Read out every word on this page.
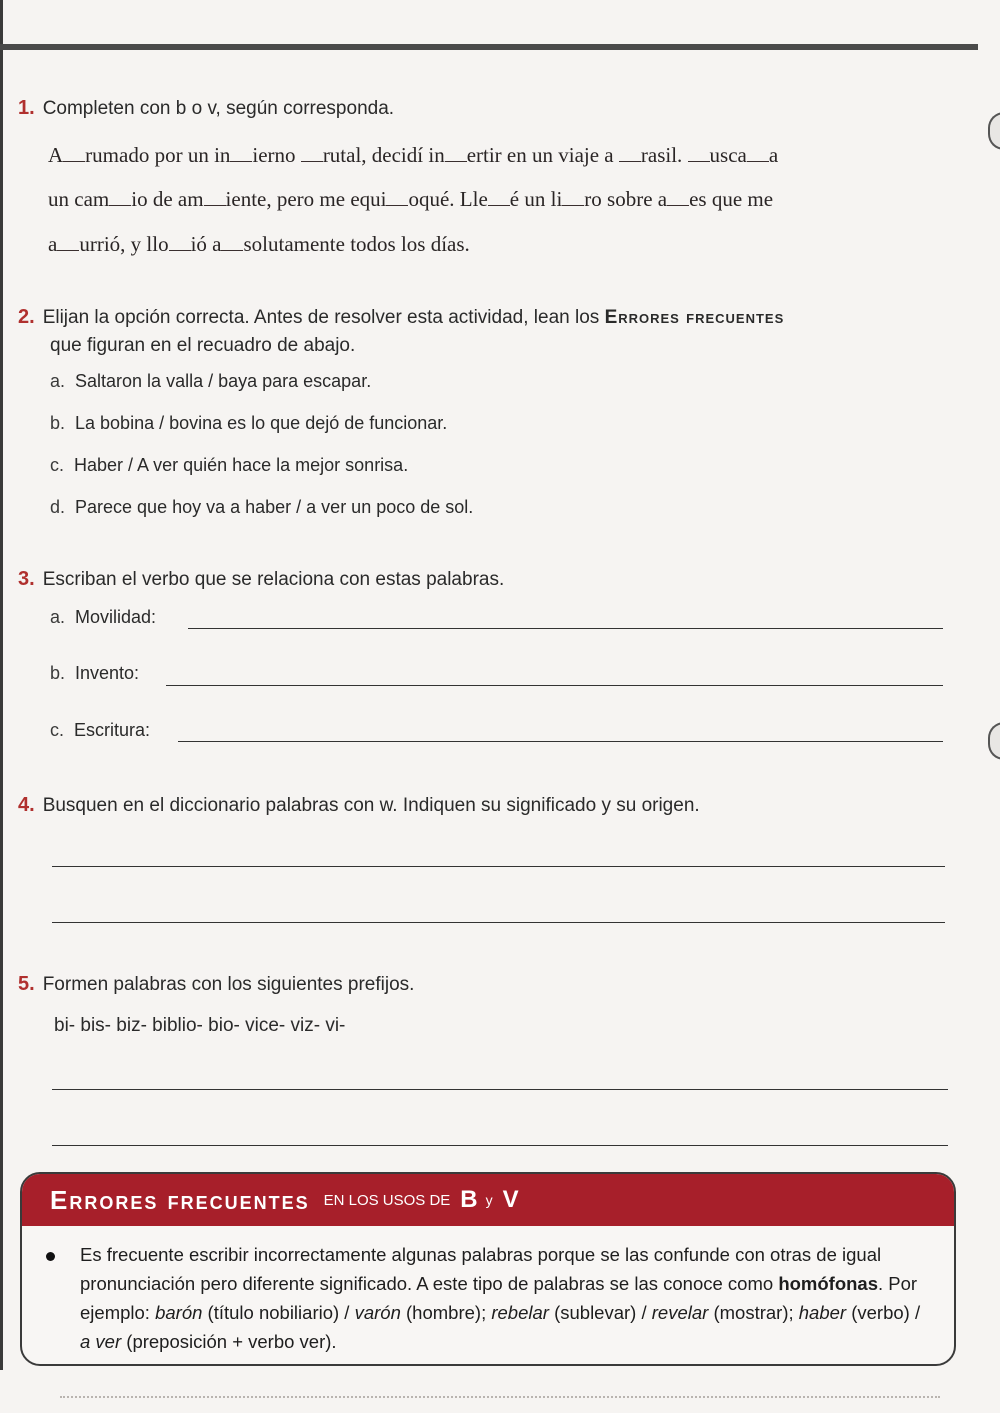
1. Completen con b o v, según corresponda.
A rumado por un in ierno rutal, decidí in ertir en un viaje a rasil. usca a
un cam io de am iente, pero me equi oqué. Lle é un li ro sobre a es que me
a urrió, y llo ió a solutamente todos los días.
2. Elijan la opción correcta. Antes de resolver esta actividad, lean los Errores frecuentes
que figuran en el recuadro de abajo.
a. Saltaron la valla / baya para escapar.
b. La bobina / bovina es lo que dejó de funcionar.
c. Haber / A ver quién hace la mejor sonrisa.
d. Parece que hoy va a haber / a ver un poco de sol.
3. Escriban el verbo que se relaciona con estas palabras.
a. Movilidad:
b. Invento:
c. Escritura:
4. Busquen en el diccionario palabras con w. Indiquen su significado y su origen.
5. Formen palabras con los siguientes prefijos.
bi- bis- biz- biblio- bio- vice- viz- vi-
Errores frecuentes EN LOS USOS DE B y V
Es frecuente escribir incorrectamente algunas palabras porque se las confunde con otras de igual pronunciación pero diferente significado. A este tipo de palabras se las conoce como homófonas. Por ejemplo: barón (título nobiliario) / varón (hombre); rebelar (sublevar) / revelar (mostrar); haber (verbo) / a ver (preposición + verbo ver).
